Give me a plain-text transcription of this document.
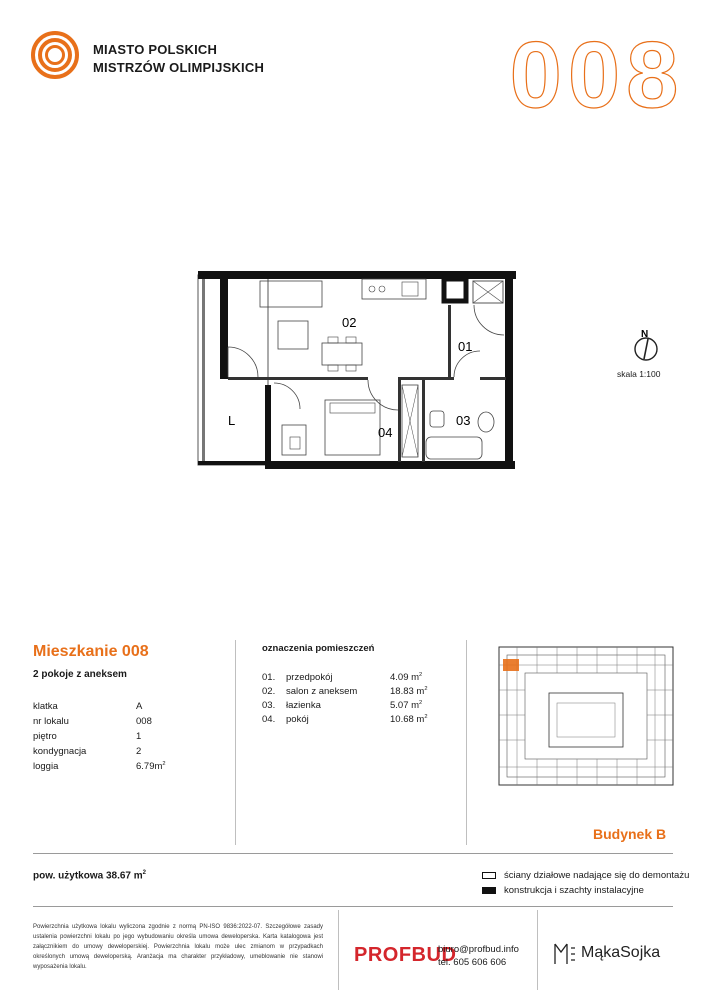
MIASTO POLSKICH
MISTRZÓW OLIMPIJSKICH	008
02
01
03
04
L
N
skala 1:100
Mieszkanie 008
2 pokoje z aneksem
klatka	A
nr lokalu	008
piętro	1
kondygnacja	2
loggia	$6.79m^2$
oznaczenia pomieszczeń
01. przedpokój	4.09 $m^2$
02. salon z aneksem	18.83 $m^2$
03. łazienka	5.07 $m^2$
04. pokój	10.68 $m^2$
Budynek B
pow. użytkowa 38.67 $m^2$	ściany działowe nadające się do demontażu
konstrukcja i szachty instalacyjne
Powierzchnia użytkowa lokalu wyliczona zgodnie z normą PN-ISO 9836:2022-07. Szczegółowe zasady ustalenia powierzchni lokalu po jego wybudowaniu określa umowa deweloperska. Karta katalogowa jest załącznikiem do umowy deweloperskiej. Powierzchnia lokalu może ulec zmianom w przypadkach określonych umową deweloperską. Aranżacja ma charakter przykładowy, umeblowanie nie stanowi wyposażenia lokalu.
PROFBUD
biuro@profbud.info
tel. 605 606 606
MąkaSojka
